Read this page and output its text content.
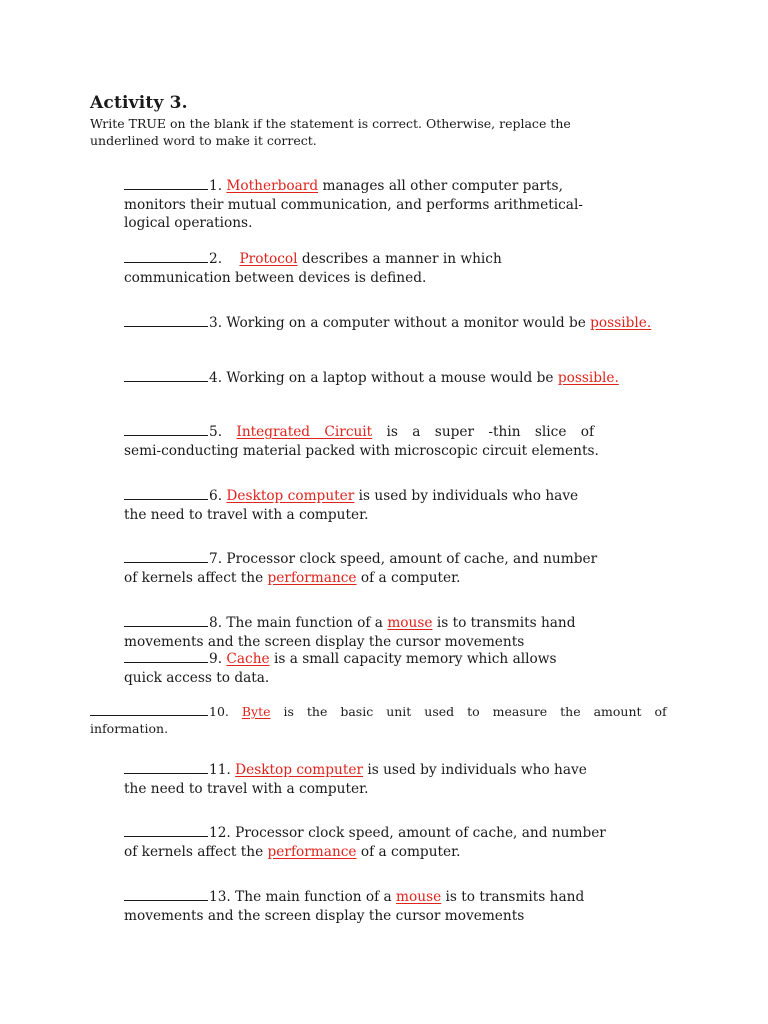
Activity 3.

Write TRUE on the blank if the statement is correct. Otherwise, replace the
underlined word to make it correct.

1. Motherboard manages all other computer parts,
monitors their mutual communication, and performs arithmetical-
logical operations.
2. Protocol describes a manner in which
communication between devices is defined.
3. Working on a computer without a monitor would be possible.
4. Working on a laptop without a mouse would be possible.
5. Integrated Circuit is a super -thin slice of
semi-conducting material packed with microscopic circuit elements.
6. Desktop computer is used by individuals who have
the need to travel with a computer.
7. Processor clock speed, amount of cache, and number
of kernels affect the performance of a computer.
8. The main function of a mouse is to transmits hand
movements and the screen display the cursor movements
9. Cache is a small capacity memory which allows
quick access to data.
10. Byte is the basic unit used to measure the amount of
information.
11. Desktop computer is used by individuals who have
the need to travel with a computer.
12. Processor clock speed, amount of cache, and number
of kernels affect the performance of a computer.
13. The main function of a mouse is to transmits hand
movements and the screen display the cursor movements
